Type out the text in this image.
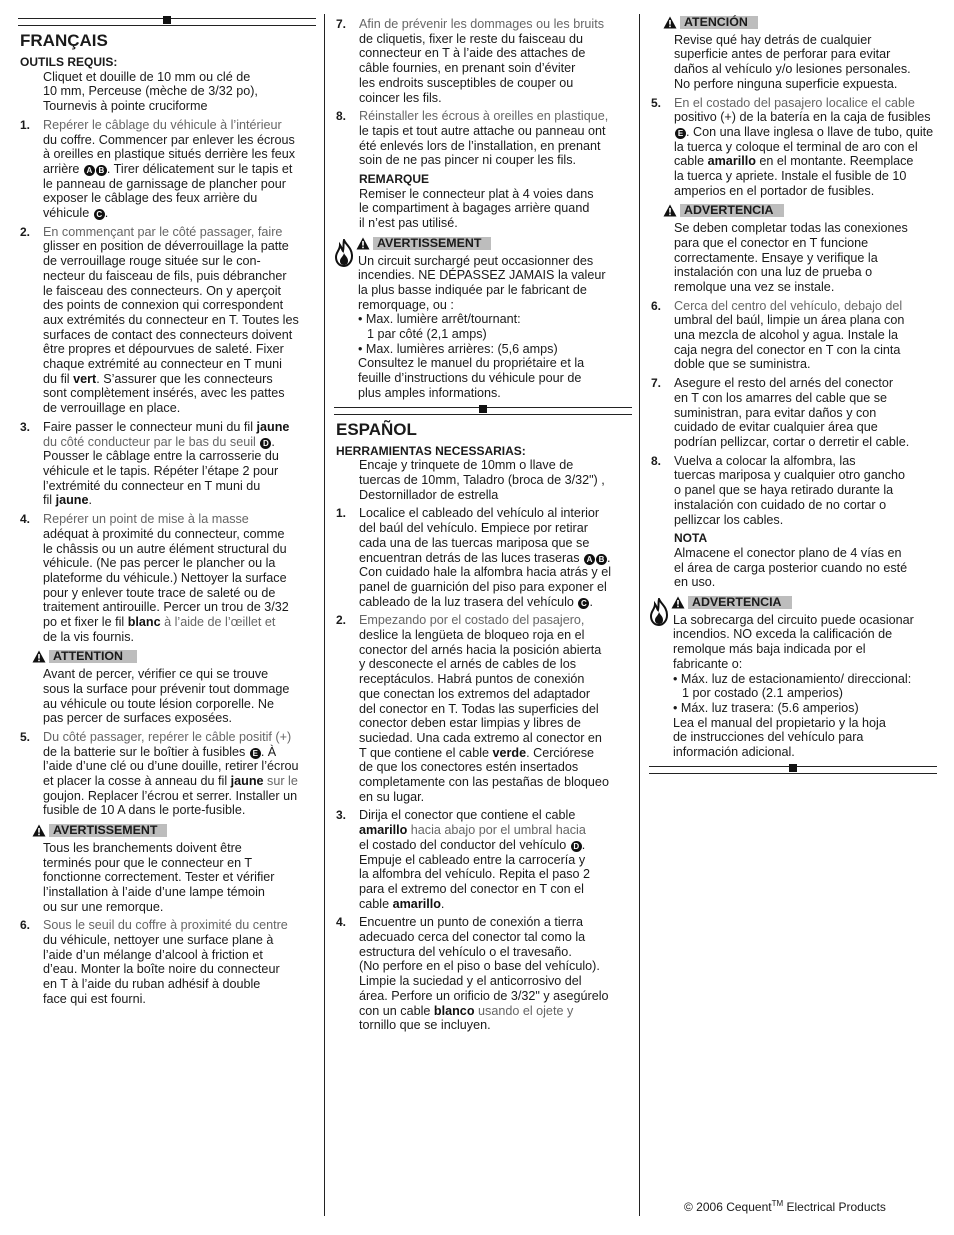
FRANÇAIS
OUTILS REQUIS:
Cliquet et douille de 10 mm ou clé de
10 mm, Perceuse (mèche de 3/32 po),
Tournevis à pointe cruciforme
1. Repérer le câblage du véhicule à l’intérieur
du coffre. Commencer par enlever les écrous
à oreilles en plastique situés derrière les feux
arrière A B . Tirer délicatement sur le tapis et
le panneau de garnissage de plancher pour
exposer le câblage des feux arrière du
véhicule C .
2. En commençant par le côté passager, faire
glisser en position de déverrouillage la patte
de verrouillage rouge située sur le con-
necteur du faisceau de fils, puis débrancher
le faisceau des connecteurs. On y aperçoit
des points de connexion qui correspondent
aux extrémités du connecteur en T. Toutes les
surfaces de contact des connecteurs doivent
être propres et dépourvues de saleté. Fixer
chaque extrémité au connecteur en T muni
du fil vert. S’assurer que les connecteurs
sont complètement insérés, avec les pattes
de verrouillage en place.
3. Faire passer le connecteur muni du fil jaune
du côté conducteur par le bas du seuil D .
Pousser le câblage entre la carrosserie du
véhicule et le tapis. Répéter l’étape 2 pour
l’extrémité du connecteur en T muni du
fil jaune.
4. Repérer un point de mise à la masse
adéquat à proximité du connecteur, comme
le châssis ou un autre élément structural du
véhicule. (Ne pas percer le plancher ou la
plateforme du véhicule.) Nettoyer la surface
pour y enlever toute trace de saleté ou de
traitement antirouille. Percer un trou de 3/32
po et fixer le fil blanc à l’aide de l’œillet et
de la vis fournis.
ATTENTION
Avant de percer, vérifier ce qui se trouve
sous la surface pour prévenir tout dommage
au véhicule ou toute lésion corporelle. Ne
pas percer de surfaces exposées.
5. Du côté passager, repérer le câble positif (+)
de la batterie sur le boîtier à fusibles E . À
l’aide d’une clé ou d’une douille, retirer l’écrou
et placer la cosse à anneau du fil jaune sur le
goujon. Replacer l’écrou et serrer. Installer un
fusible de 10 A dans le porte-fusible.
AVERTISSEMENT
Tous les branchements doivent être
terminés pour que le connecteur en T
fonctionne correctement. Tester et vérifier
l’installation à l’aide d’une lampe témoin
ou sur une remorque.
6. Sous le seuil du coffre à proximité du centre
du véhicule, nettoyer une surface plane à
l’aide d’un mélange d’alcool à friction et
d’eau. Monter la boîte noire du connecteur
en T à l’aide du ruban adhésif à double
face qui est fourni.
7. Afin de prévenir les dommages ou les bruits
de cliquetis, fixer le reste du faisceau du
connecteur en T à l’aide des attaches de
câble fournies, en prenant soin d’éviter
les endroits susceptibles de couper ou
coincer les fils.
8. Réinstaller les écrous à oreilles en plastique,
le tapis et tout autre attache ou panneau ont
été enlevés lors de l’installation, en prenant
soin de ne pas pincer ni couper les fils.
REMARQUE
Remiser le connecteur plat à 4 voies dans
le compartiment à bagages arrière quand
il n’est pas utilisé.
AVERTISSEMENT
Un circuit surchargé peut occasionner des
incendies. NE DÉPASSEZ JAMAIS la valeur
la plus basse indiquée par le fabricant de
remorquage, ou :
• Max. lumière arrêt/tournant:
1 par côté (2,1 amps)
• Max. lumières arrières: (5,6 amps)
Consultez le manuel du propriétaire et la
feuille d’instructions du véhicule pour de
plus amples informations.
ESPAÑOL
HERRAMIENTAS NECESSARIAS:
Encaje y trinquete de 10mm o llave de
tuercas de 10mm, Taladro (broca de 3/32") ,
Destornillador de estrella
1. Localice el cableado del vehículo al interior
del baúl del vehículo. Empiece por retirar
cada una de las tuercas mariposa que se
encuentran detrás de las luces traseras A B .
Con cuidado hale la alfombra hacia atrás y el
panel de guarnición del piso para exponer el
cableado de la luz trasera del vehículo C .
2. Empezando por el costado del pasajero,
deslice la lengüeta de bloqueo roja en el
conector del arnés hacia la posición abierta
y desconecte el arnés de cables de los
receptáculos. Habrá puntos de conexión
que conectan los extremos del adaptador
del conector en T. Todas las superficies del
conector deben estar limpias y libres de
suciedad. Una cada extremo al conector en
T que contiene el cable verde. Cerciórese
de que los conectores estén insertados
completamente con las pestañas de bloqueo
en su lugar.
3. Dirija el conector que contiene el cable
amarillo hacia abajo por el umbral hacia
el costado del conductor del vehículo D .
Empuje el cableado entre la carrocería y
la alfombra del vehículo. Repita el paso 2
para el extremo del conector en T con el
cable amarillo.
4. Encuentre un punto de conexión a tierra
adecuado cerca del conector tal como la
estructura del vehículo o el travesaño.
(No perfore en el piso o base del vehículo).
Limpie la suciedad y el anticorrosivo del
área. Perfore un orificio de 3/32" y asegúrelo
con un cable blanco usando el ojete y
tornillo que se incluyen.
ATENCIÓN
Revise qué hay detrás de cualquier
superficie antes de perforar para evitar
daños al vehículo y/o lesiones personales.
No perfore ninguna superficie expuesta.
5. En el costado del pasajero localice el cable
positivo (+) de la batería en la caja de fusibles
E . Con una llave inglesa o llave de tubo, quite
la tuerca y coloque el terminal de aro con el
cable amarillo en el montante. Reemplace
la tuerca y apriete. Instale el fusible de 10
amperios en el portador de fusibles.
ADVERTENCIA
Se deben completar todas las conexiones
para que el conector en T funcione
correctamente. Ensaye y verifique la
instalación con una luz de prueba o
remolque una vez se instale.
6. Cerca del centro del vehículo, debajo del
umbral del baúl, limpie un área plana con
una mezcla de alcohol y agua. Instale la
caja negra del conector en T con la cinta
doble que se suministra.
7. Asegure el resto del arnés del conector
en T con los amarres del cable que se
suministran, para evitar daños y con
cuidado de evitar cualquier área que
podrían pellizcar, cortar o derretir el cable.
8. Vuelva a colocar la alfombra, las
tuercas mariposa y cualquier otro gancho
o panel que se haya retirado durante la
instalación con cuidado de no cortar o
pellizcar los cables.
NOTA
Almacene el conector plano de 4 vías en
el área de carga posterior cuando no esté
en uso.
ADVERTENCIA
La sobrecarga del circuito puede ocasionar
incendios. NO exceda la calificación de
remolque más baja indicada por el
fabricante o:
• Máx. luz de estacionamiento/ direccional:
1 por costado (2.1 amperios)
• Máx. luz trasera: (5.6 amperios)
Lea el manual del propietario y la hoja
de instrucciones del vehículo para
información adicional.
© 2006 Cequent™ Electrical Products
